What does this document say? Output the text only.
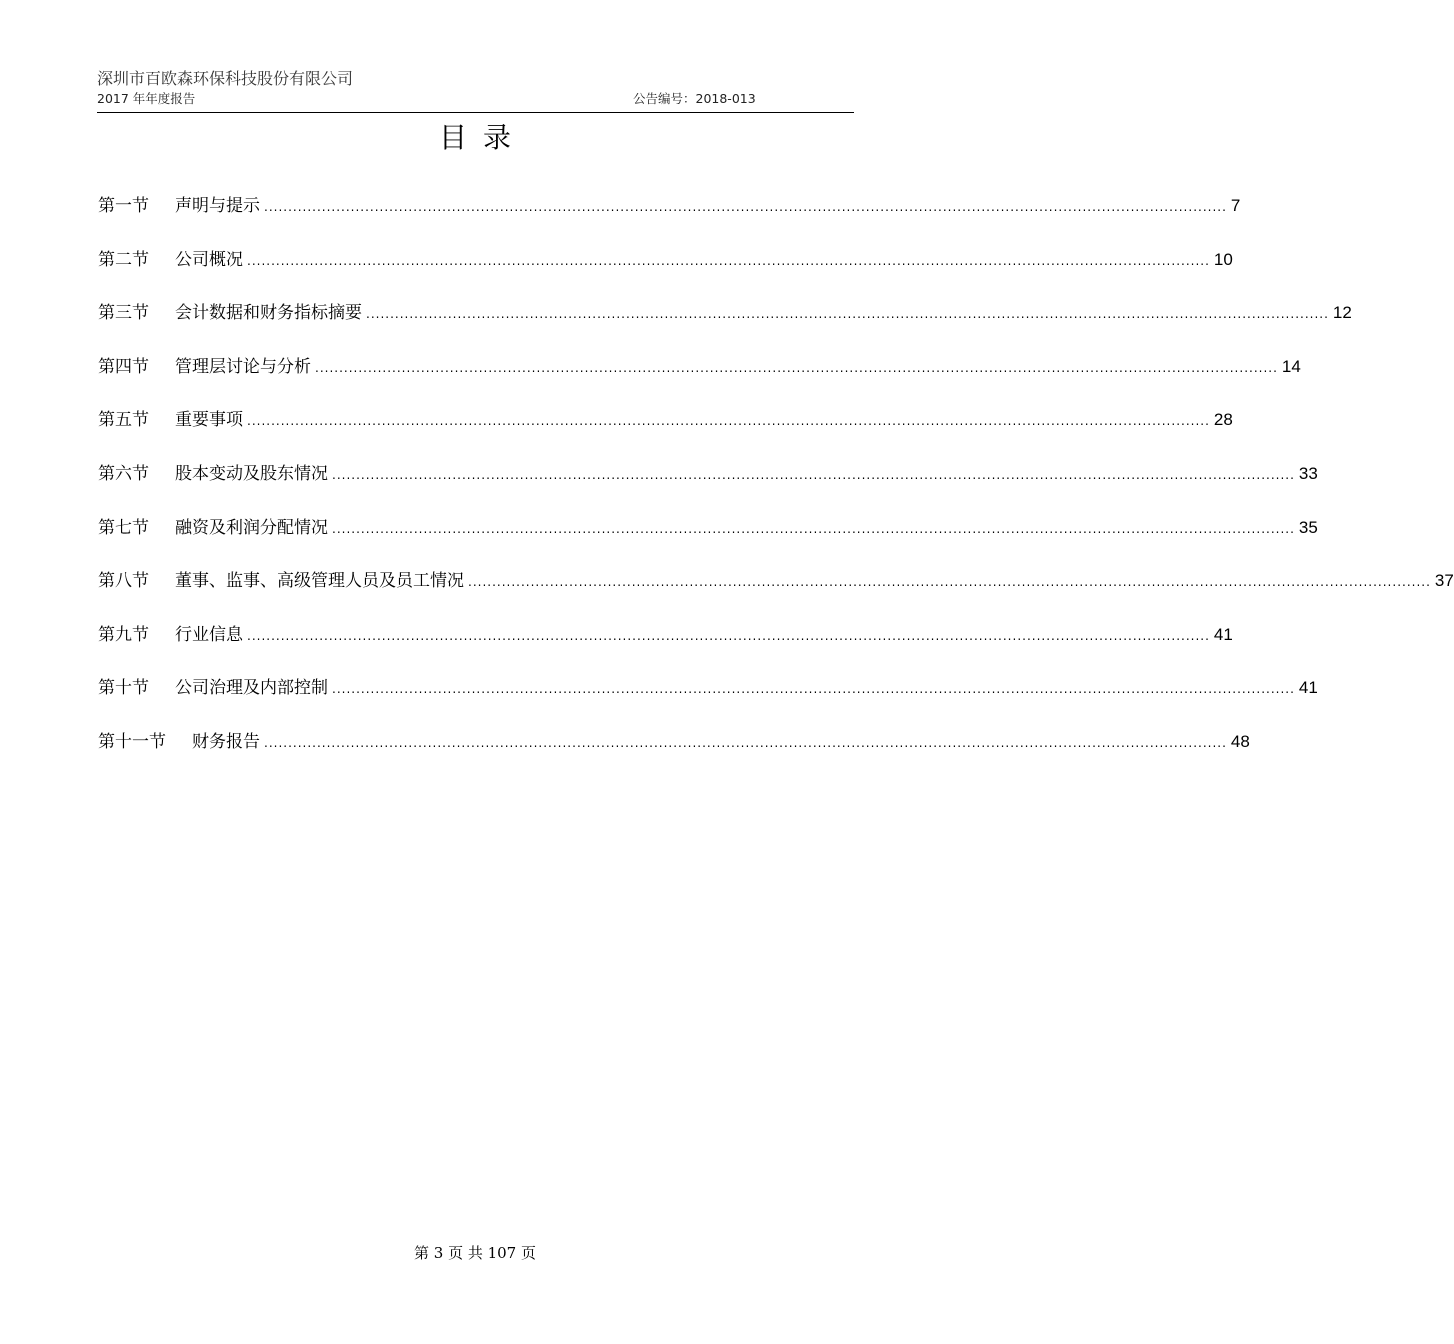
深圳市百欧森环保科技股份有限公司
2017 年年度报告	公告编号：2018-013
目录
第一节 声明与提示 ........................................................................................................................................................................................................ 7
第二节 公司概况 ........................................................................................................................................................................................................ 10
第三节 会计数据和财务指标摘要 ........................................................................................................................................................................................................ 12
第四节 管理层讨论与分析 ........................................................................................................................................................................................................ 14
第五节 重要事项 ........................................................................................................................................................................................................ 28
第六节 股本变动及股东情况 ........................................................................................................................................................................................................ 33
第七节 融资及利润分配情况 ........................................................................................................................................................................................................ 35
第八节 董事、监事、高级管理人员及员工情况 ........................................................................................................................................................................................................ 37
第九节 行业信息 ........................................................................................................................................................................................................ 41
第十节 公司治理及内部控制 ........................................................................................................................................................................................................ 41
第十一节 财务报告 ........................................................................................................................................................................................................ 48
第 3 页 共 107 页
